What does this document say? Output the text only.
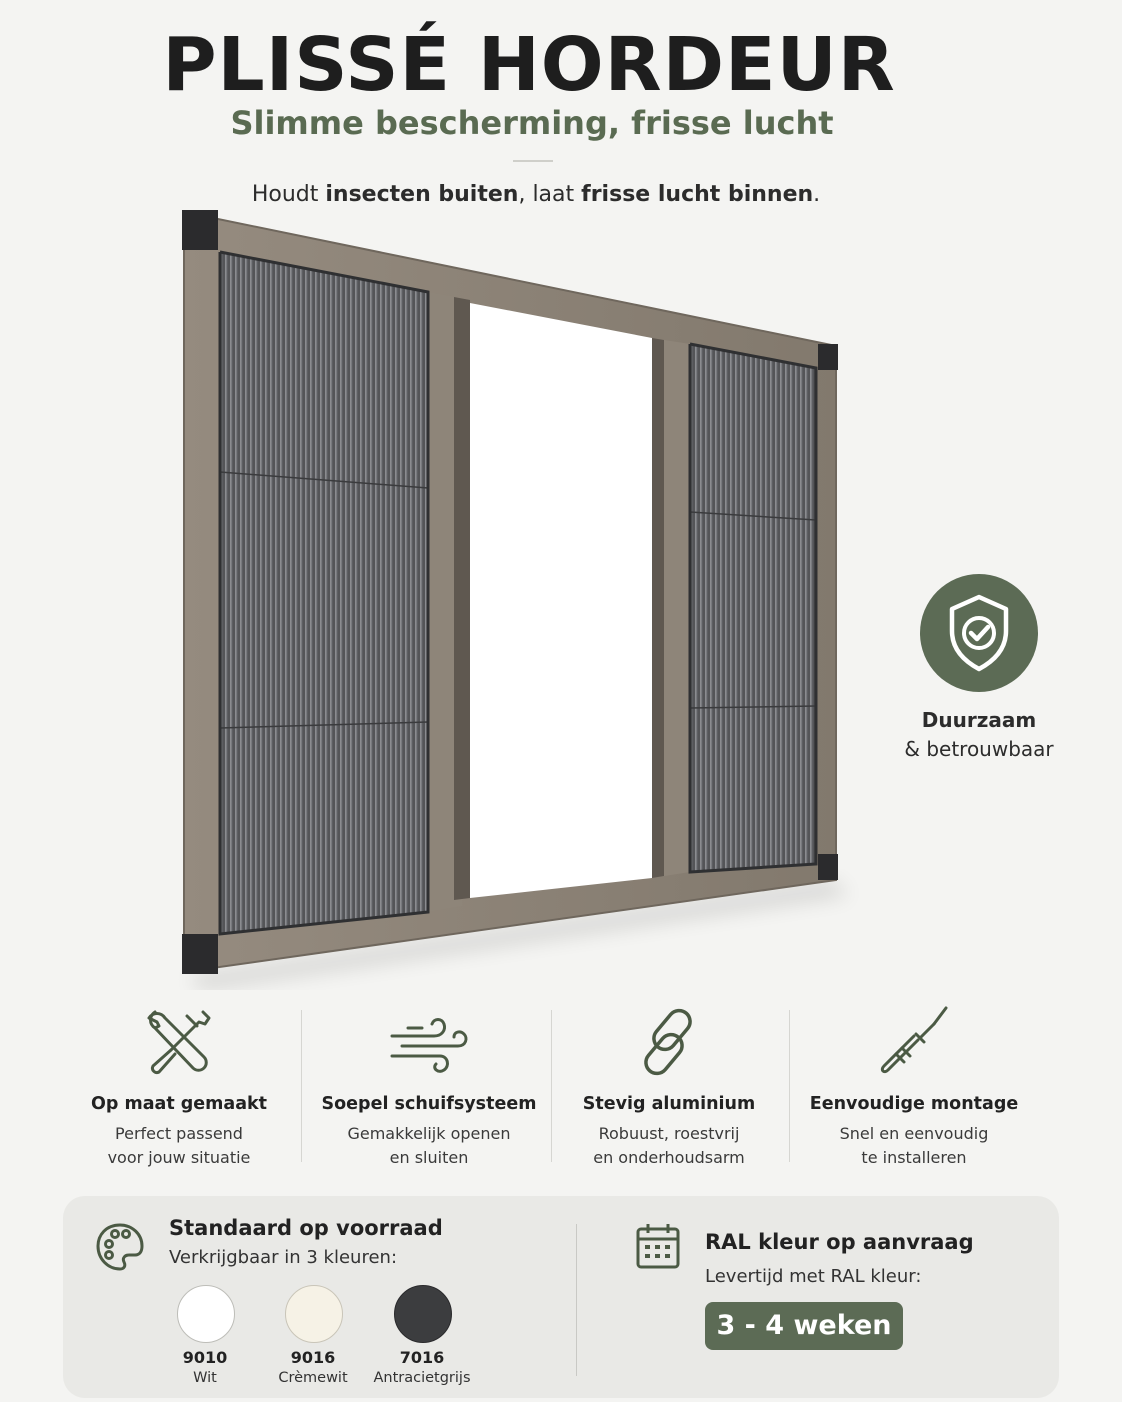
PLISSÉ HORDEUR
Slimme bescherming, frisse lucht
Houdt insecten buiten, laat frisse lucht binnen.
Duurzaam
& betrouwbaar
Op maat gemaakt
Perfect passend
voor jouw situatie
Soepel schuifsysteem
Gemakkelijk openen
en sluiten
Stevig aluminium
Robuust, roestvrij
en onderhoudsarm
Eenvoudige montage
Snel en eenvoudig
te installeren
Standaard op voorraad
Verkrijgbaar in 3 kleuren:
9010
Wit
9016
Crèmewit
7016
Antracietgrijs
RAL kleur op aanvraag
Levertijd met RAL kleur:
3 - 4 weken
